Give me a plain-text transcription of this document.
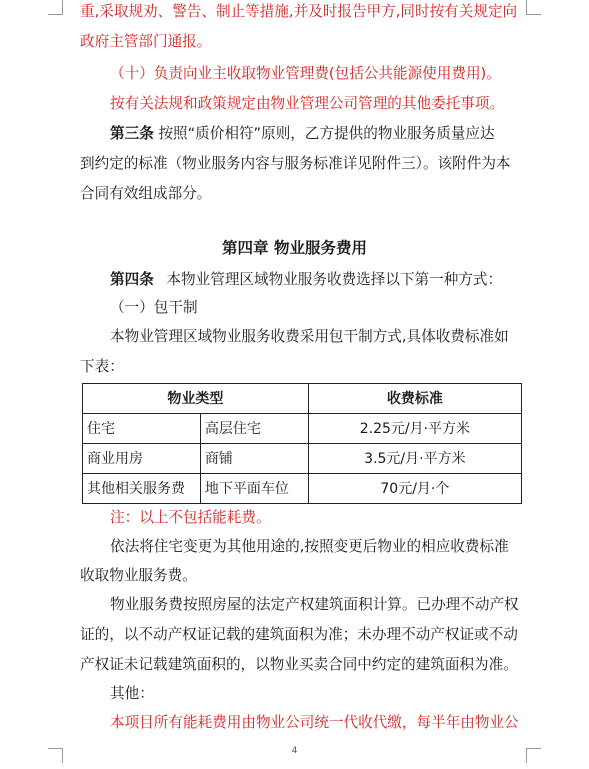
重,采取规劝、警告、制止等措施,并及时报告甲方,同时按有关规定向
政府主管部门通报。
（十）负责向业主收取物业管理费(包括公共能源使用费用)。
按有关法规和政策规定由物业管理公司管理的其他委托事项。
第三条 按照“质价相符”原则，乙方提供的物业服务质量应达
到约定的标准（物业服务内容与服务标准详见附件三）。该附件为本
合同有效组成部分。
第四章 物业服务费用
第四条 本物业管理区域物业服务收费选择以下第一种方式：
（一）包干制
本物业管理区域物业服务收费采用包干制方式,具体收费标准如
下表：
物业类型		收费标准
住宅	高层住宅	2.25元/月·平方米
商业用房	商铺	3.5元/月·平方米
其他相关服务费	地下平面车位	70元/月·个
注：以上不包括能耗费。
依法将住宅变更为其他用途的,按照变更后物业的相应收费标准
收取物业服务费。
物业服务费按照房屋的法定产权建筑面积计算。已办理不动产权
证的，以不动产权证记载的建筑面积为准；未办理不动产权证或不动
产权证未记载建筑面积的，以物业买卖合同中约定的建筑面积为准。
其他：
本项目所有能耗费用由物业公司统一代收代缴，每半年由物业公
4
